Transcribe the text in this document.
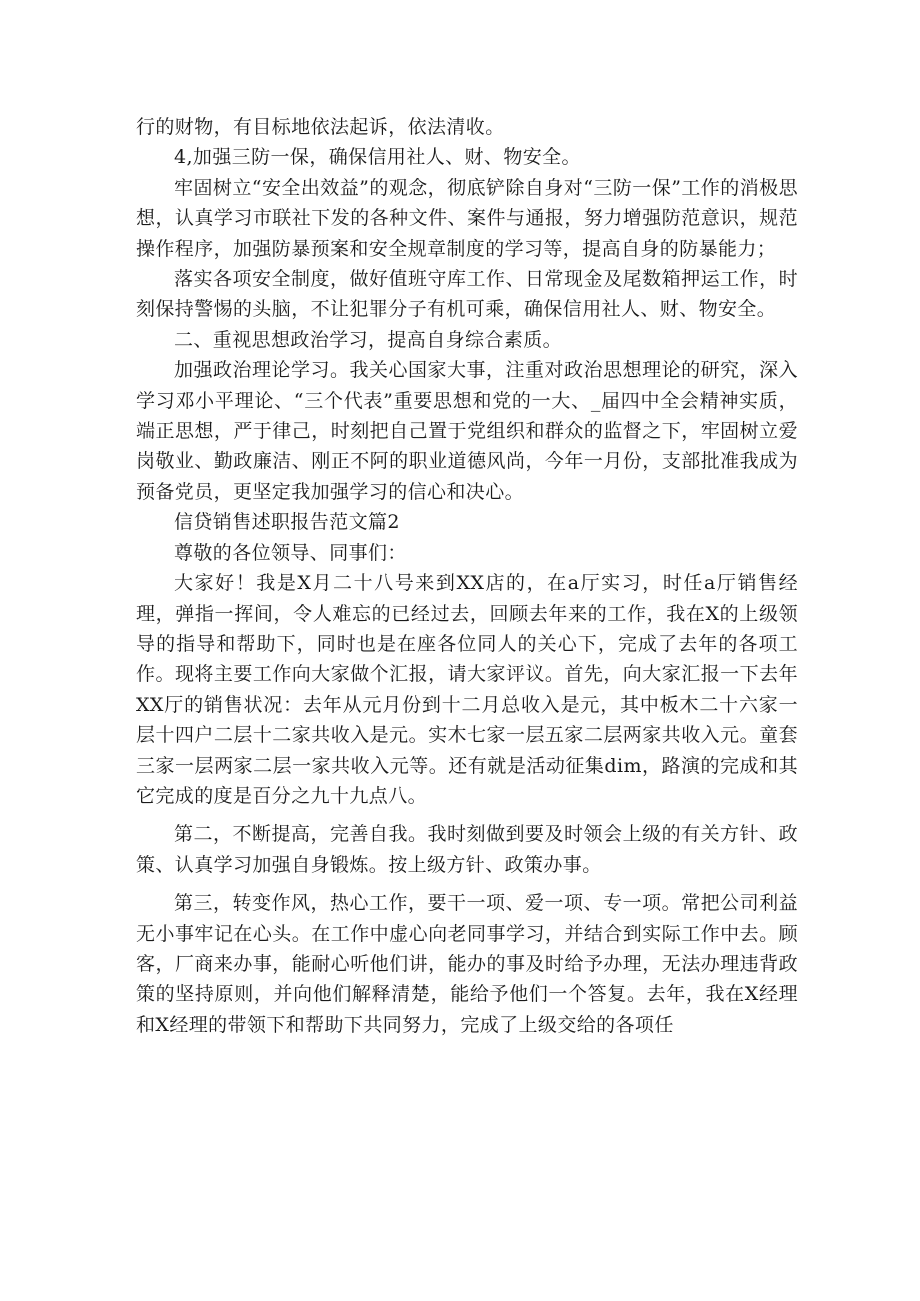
行的财物，有目标地依法起诉，依法清收。

4,加强三防一保，确保信用社人、财、物安全。

牢固树立“安全出效益”的观念，彻底铲除自身对“三防一保”工作的消极思想，认真学习市联社下发的各种文件、案件与通报，努力增强防范意识，规范操作程序，加强防暴预案和安全规章制度的学习等，提高自身的防暴能力；

落实各项安全制度，做好值班守库工作、日常现金及尾数箱押运工作，时刻保持警惕的头脑，不让犯罪分子有机可乘，确保信用社人、财、物安全。

二、重视思想政治学习，提高自身综合素质。

加强政治理论学习。我关心国家大事，注重对政治思想理论的研究，深入学习邓小平理论、“三个代表”重要思想和党的一大、_届四中全会精神实质，端正思想，严于律己，时刻把自己置于党组织和群众的监督之下，牢固树立爱岗敬业、勤政廉洁、刚正不阿的职业道德风尚，今年一月份，支部批准我成为预备党员，更坚定我加强学习的信心和决心。

信贷销售述职报告范文篇2

尊敬的各位领导、同事们：

大家好！我是X月二十八号来到XX店的，在a厅实习，时任a厅销售经理，弹指一挥间，令人难忘的已经过去，回顾去年来的工作，我在X的上级领导的指导和帮助下，同时也是在座各位同人的关心下，完成了去年的各项工作。现将主要工作向大家做个汇报，请大家评议。首先，向大家汇报一下去年XX厅的销售状况：去年从元月份到十二月总收入是元，其中板木二十六家一层十四户二层十二家共收入是元。实木七家一层五家二层两家共收入元。童套三家一层两家二层一家共收入元等。还有就是活动征集dim，路演的完成和其它完成的度是百分之九十九点八。

第二，不断提高，完善自我。我时刻做到要及时领会上级的有关方针、政策、认真学习加强自身锻炼。按上级方针、政策办事。

第三，转变作风，热心工作，要干一项、爱一项、专一项。常把公司利益无小事牢记在心头。在工作中虚心向老同事学习，并结合到实际工作中去。顾客，厂商来办事，能耐心听他们讲，能办的事及时给予办理，无法办理违背政策的坚持原则，并向他们解释清楚，能给予他们一个答复。去年，我在X经理和X经理的带领下和帮助下共同努力，完成了上级交给的各项任
